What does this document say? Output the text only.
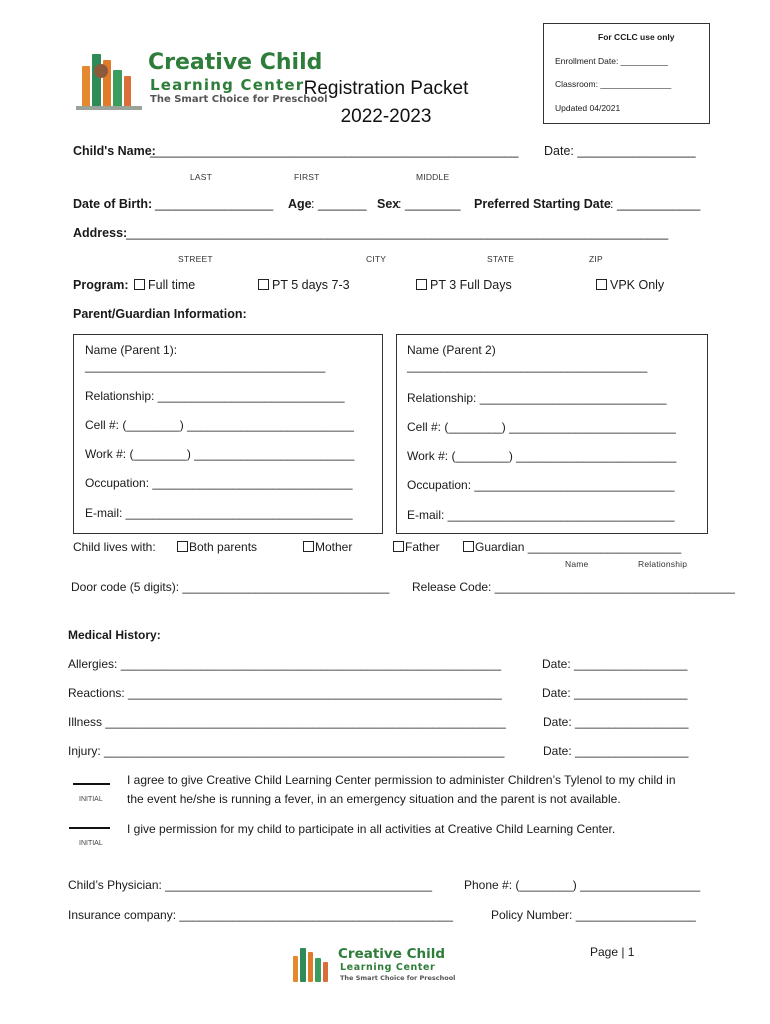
Creative Child
Learning Center
The Smart Choice for Preschool
Registration Packet
2022-2023
For CCLC use only
Enrollment Date: __________
Classroom: _______________
Updated 04/2021
Child's Name:
_____________________________________________________ Date: _________________
LAST	FIRST	MIDDLE
Date of Birth: _________________ Age : _______ Sex
: ________ Preferred Starting Date : ____________
Address:
______________________________________________________________________________
STREET	CITY	STATE	ZIP
Program:	Full time	PT 5 days 7-3	PT 3 Full Days	VPK Only
Parent/Guardian Information:
Name (Parent 1):
____________________________________
Relationship: ____________________________
Cell #: (________) _________________________
Work #: (________) ________________________
Occupation: ______________________________
E-mail: __________________________________
Name (Parent 2)
____________________________________
Relationship: ____________________________
Cell #: (________) _________________________
Work #: (________) ________________________
Occupation: ______________________________
E-mail: __________________________________
Child lives with:	Both parents	Mother	Father	Guardian _______________________
Name	Relationship
Door code (5 digits): _______________________________ Release Code: ____________________________________
Medical History:
Allergies: _________________________________________________________	Date: _________________
Reactions: ________________________________________________________	Date: _________________
Illness ____________________________________________________________	Date: _________________
Injury: ____________________________________________________________	Date: _________________
INITIAL
I agree to give Creative Child Learning Center permission to administer Children’s Tylenol to my child in
the event he/she is running a fever, in an emergency situation and the parent is not available.
INITIAL
I give permission for my child to participate in all activities at Creative Child Learning Center.
Child’s Physician: ________________________________________	Phone #: (________) __________________
Insurance company: _________________________________________	Policy Number: __________________
Page | 1
Creative Child
Learning Center
The Smart Choice for Preschool
